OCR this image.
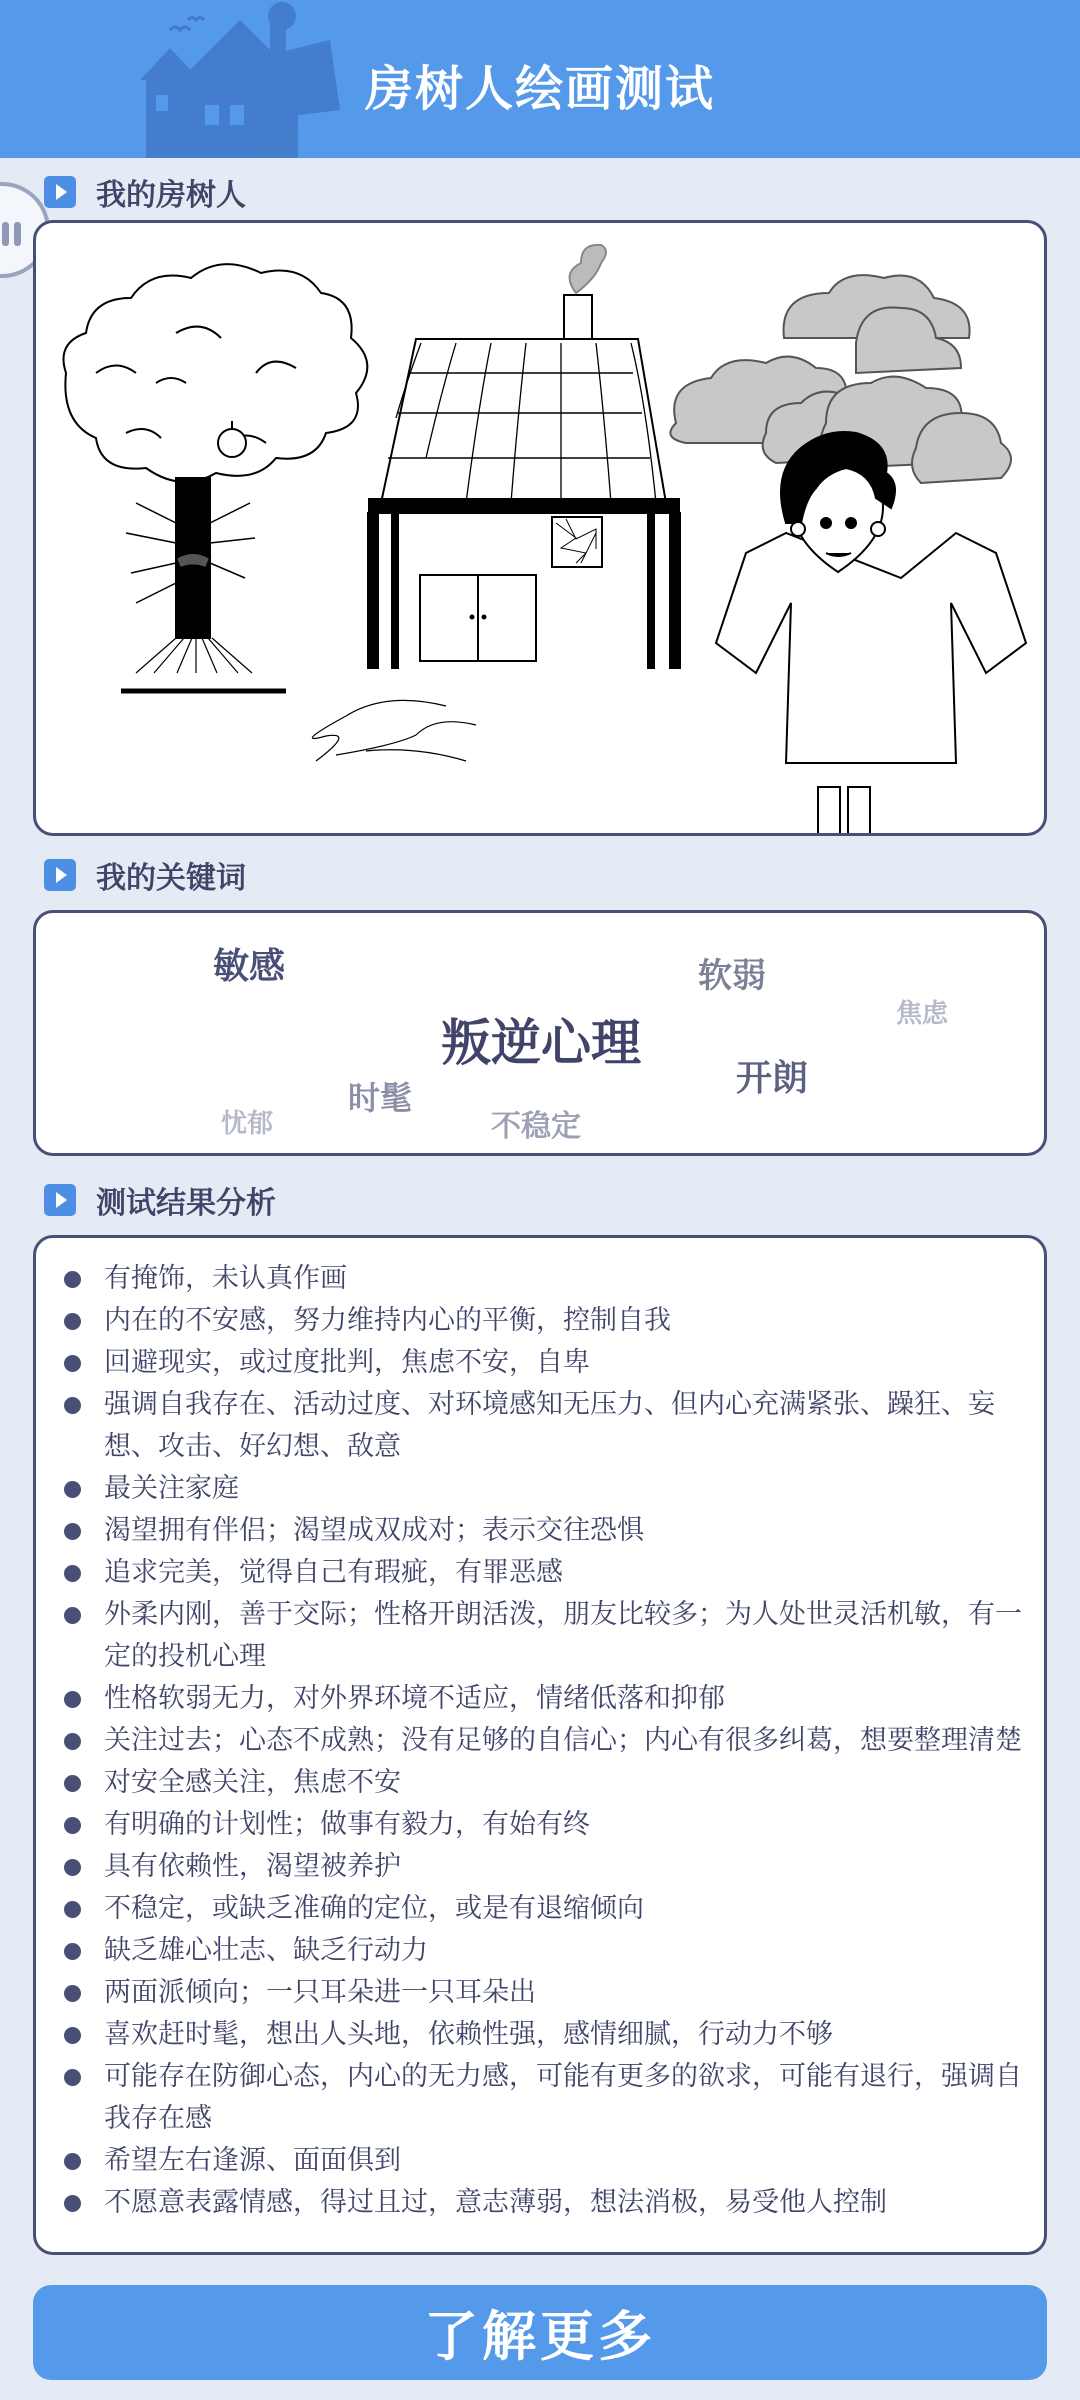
房树人绘画测试
我的房树人
我的关键词
敏感	软弱
焦虑
叛逆心理
开朗
时髦
忧郁	不稳定
测试结果分析
有掩饰，未认真作画
内在的不安感，努力维持内心的平衡，控制自我
回避现实，或过度批判，焦虑不安，自卑
强调自我存在、活动过度、对环境感知无压力、但内心充满紧张、躁狂、妄想、攻击、好幻想、敌意
最关注家庭
渴望拥有伴侣；渴望成双成对；表示交往恐惧
追求完美，觉得自己有瑕疵，有罪恶感
外柔内刚，善于交际；性格开朗活泼，朋友比较多；为人处世灵活机敏，有一定的投机心理
性格软弱无力，对外界环境不适应，情绪低落和抑郁
关注过去；心态不成熟；没有足够的自信心；内心有很多纠葛，想要整理清楚
对安全感关注，焦虑不安
有明确的计划性；做事有毅力，有始有终
具有依赖性，渴望被养护
不稳定，或缺乏准确的定位，或是有退缩倾向
缺乏雄心壮志、缺乏行动力
两面派倾向；一只耳朵进一只耳朵出
喜欢赶时髦，想出人头地，依赖性强，感情细腻，行动力不够
可能存在防御心态，内心的无力感，可能有更多的欲求，可能有退行，强调自我存在感
希望左右逢源、面面俱到
不愿意表露情感，得过且过，意志薄弱，想法消极，易受他人控制
了解更多
